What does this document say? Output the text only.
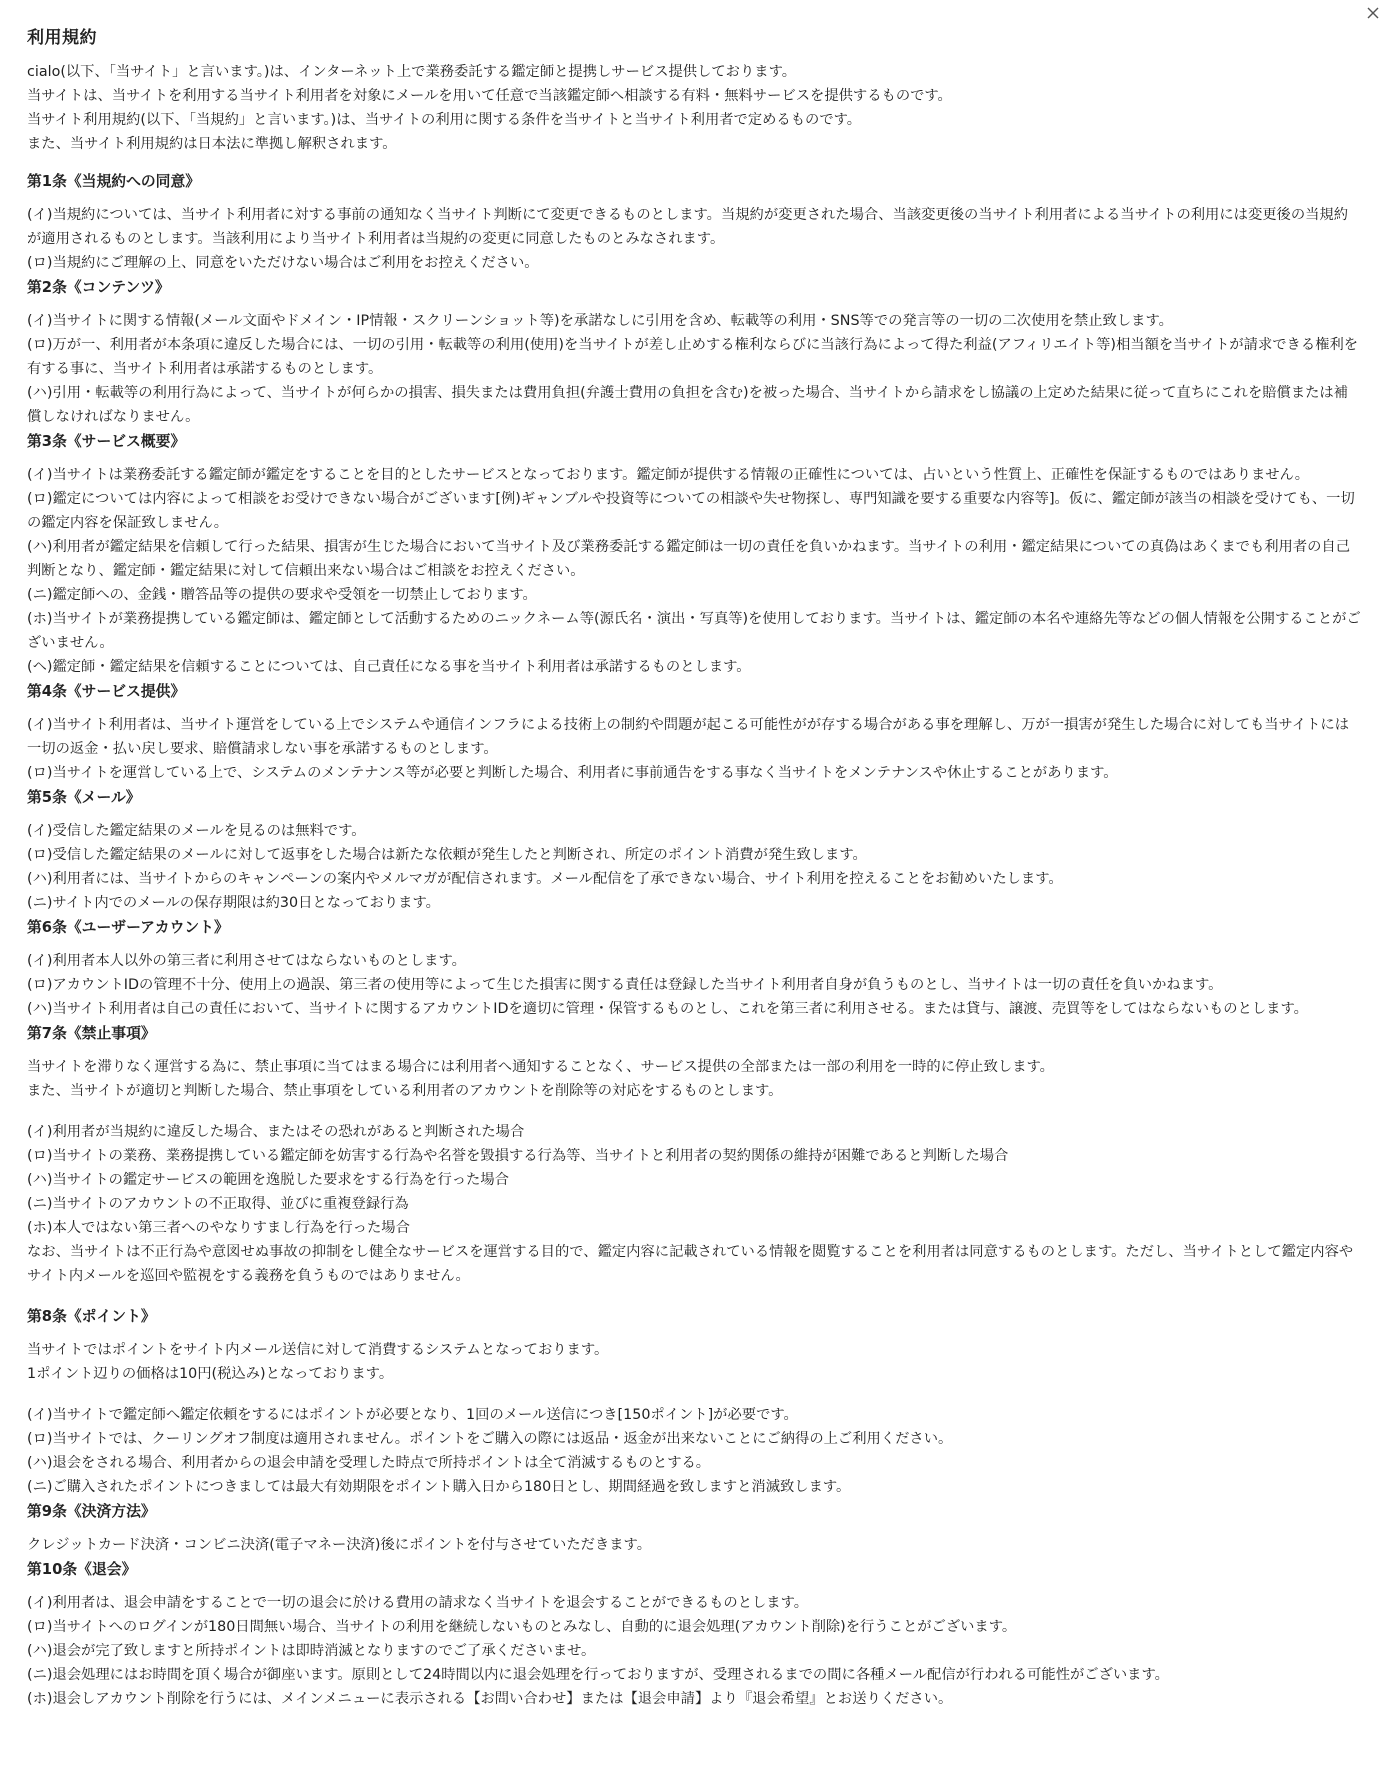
利用規約

cialo(以下、「当サイト」と言います。)は、インターネット上で業務委託する鑑定師と提携しサービス提供しております。

当サイトは、当サイトを利用する当サイト利用者を対象にメールを用いて任意で当該鑑定師へ相談する有料・無料サービスを提供するものです。

当サイト利用規約(以下、「当規約」と言います。)は、当サイトの利用に関する条件を当サイトと当サイト利用者で定めるものです。

また、当サイト利用規約は日本法に準拠し解釈されます。

第1条《当規約への同意》

(イ)当規約については、当サイト利用者に対する事前の通知なく当サイト判断にて変更できるものとします。当規約が変更された場合、当該変更後の当サイト利用者による当サイトの利用には変更後の当規約が適用されるものとします。当該利用により当サイト利用者は当規約の変更に同意したものとみなされます。

(ロ)当規約にご理解の上、同意をいただけない場合はご利用をお控えください。

第2条《コンテンツ》

(イ)当サイトに関する情報(メール文面やドメイン・IP情報・スクリーンショット等)を承諾なしに引用を含め、転載等の利用・SNS等での発言等の一切の二次使用を禁止致します。

(ロ)万が一、利用者が本条項に違反した場合には、一切の引用・転載等の利用(使用)を当サイトが差し止めする権利ならびに当該行為によって得た利益(アフィリエイト等)相当額を当サイトが請求できる権利を有する事に、当サイト利用者は承諾するものとします。

(ハ)引用・転載等の利用行為によって、当サイトが何らかの損害、損失または費用負担(弁護士費用の負担を含む)を被った場合、当サイトから請求をし協議の上定めた結果に従って直ちにこれを賠償または補償しなければなりません。

第3条《サービス概要》

(イ)当サイトは業務委託する鑑定師が鑑定をすることを目的としたサービスとなっております。鑑定師が提供する情報の正確性については、占いという性質上、正確性を保証するものではありません。

(ロ)鑑定については内容によって相談をお受けできない場合がございます[例)ギャンブルや投資等についての相談や失せ物探し、専門知識を要する重要な内容等]。仮に、鑑定師が該当の相談を受けても、一切の鑑定内容を保証致しません。

(ハ)利用者が鑑定結果を信頼して行った結果、損害が生じた場合において当サイト及び業務委託する鑑定師は一切の責任を負いかねます。当サイトの利用・鑑定結果についての真偽はあくまでも利用者の自己判断となり、鑑定師・鑑定結果に対して信頼出来ない場合はご相談をお控えください。

(ニ)鑑定師への、金銭・贈答品等の提供の要求や受領を一切禁止しております。

(ホ)当サイトが業務提携している鑑定師は、鑑定師として活動するためのニックネーム等(源氏名・演出・写真等)を使用しております。当サイトは、鑑定師の本名や連絡先等などの個人情報を公開することがございません。

(ヘ)鑑定師・鑑定結果を信頼することについては、自己責任になる事を当サイト利用者は承諾するものとします。

第4条《サービス提供》

(イ)当サイト利用者は、当サイト運営をしている上でシステムや通信インフラによる技術上の制約や問題が起こる可能性がが存する場合がある事を理解し、万が一損害が発生した場合に対しても当サイトには一切の返金・払い戻し要求、賠償請求しない事を承諾するものとします。

(ロ)当サイトを運営している上で、システムのメンテナンス等が必要と判断した場合、利用者に事前通告をする事なく当サイトをメンテナンスや休止することがあります。

第5条《メール》

(イ)受信した鑑定結果のメールを見るのは無料です。

(ロ)受信した鑑定結果のメールに対して返事をした場合は新たな依頼が発生したと判断され、所定のポイント消費が発生致します。

(ハ)利用者には、当サイトからのキャンペーンの案内やメルマガが配信されます。メール配信を了承できない場合、サイト利用を控えることをお勧めいたします。

(ニ)サイト内でのメールの保存期限は約30日となっております。

第6条《ユーザーアカウント》

(イ)利用者本人以外の第三者に利用させてはならないものとします。

(ロ)アカウントIDの管理不十分、使用上の過誤、第三者の使用等によって生じた損害に関する責任は登録した当サイト利用者自身が負うものとし、当サイトは一切の責任を負いかねます。

(ハ)当サイト利用者は自己の責任において、当サイトに関するアカウントIDを適切に管理・保管するものとし、これを第三者に利用させる。または貸与、譲渡、売買等をしてはならないものとします。

第7条《禁止事項》

当サイトを滞りなく運営する為に、禁止事項に当てはまる場合には利用者へ通知することなく、サービス提供の全部または一部の利用を一時的に停止致します。

また、当サイトが適切と判断した場合、禁止事項をしている利用者のアカウントを削除等の対応をするものとします。

(イ)利用者が当規約に違反した場合、またはその恐れがあると判断された場合

(ロ)当サイトの業務、業務提携している鑑定師を妨害する行為や名誉を毀損する行為等、当サイトと利用者の契約関係の維持が困難であると判断した場合

(ハ)当サイトの鑑定サービスの範囲を逸脱した要求をする行為を行った場合

(ニ)当サイトのアカウントの不正取得、並びに重複登録行為

(ホ)本人ではない第三者へのやなりすまし行為を行った場合

なお、当サイトは不正行為や意図せぬ事故の抑制をし健全なサービスを運営する目的で、鑑定内容に記載されている情報を閲覧することを利用者は同意するものとします。ただし、当サイトとして鑑定内容やサイト内メールを巡回や監視をする義務を負うものではありません。

第8条《ポイント》

当サイトではポイントをサイト内メール送信に対して消費するシステムとなっております。

1ポイント辺りの価格は10円(税込み)となっております。

(イ)当サイトで鑑定師へ鑑定依頼をするにはポイントが必要となり、1回のメール送信につき[150ポイント]が必要です。

(ロ)当サイトでは、クーリングオフ制度は適用されません。ポイントをご購入の際には返品・返金が出来ないことにご納得の上ご利用ください。

(ハ)退会をされる場合、利用者からの退会申請を受理した時点で所持ポイントは全て消滅するものとする。

(ニ)ご購入されたポイントにつきましては最大有効期限をポイント購入日から180日とし、期間経過を致しますと消滅致します。

第9条《決済方法》

クレジットカード決済・コンビニ決済(電子マネー決済)後にポイントを付与させていただきます。

第10条《退会》

(イ)利用者は、退会申請をすることで一切の退会に於ける費用の請求なく当サイトを退会することができるものとします。

(ロ)当サイトへのログインが180日間無い場合、当サイトの利用を継続しないものとみなし、自動的に退会処理(アカウント削除)を行うことがございます。

(ハ)退会が完了致しますと所持ポイントは即時消滅となりますのでご了承くださいませ。

(ニ)退会処理にはお時間を頂く場合が御座います。原則として24時間以内に退会処理を行っておりますが、受理されるまでの間に各種メール配信が行われる可能性がございます。

(ホ)退会しアカウント削除を行うには、メインメニューに表示される【お問い合わせ】または【退会申請】より『退会希望』とお送りください。
